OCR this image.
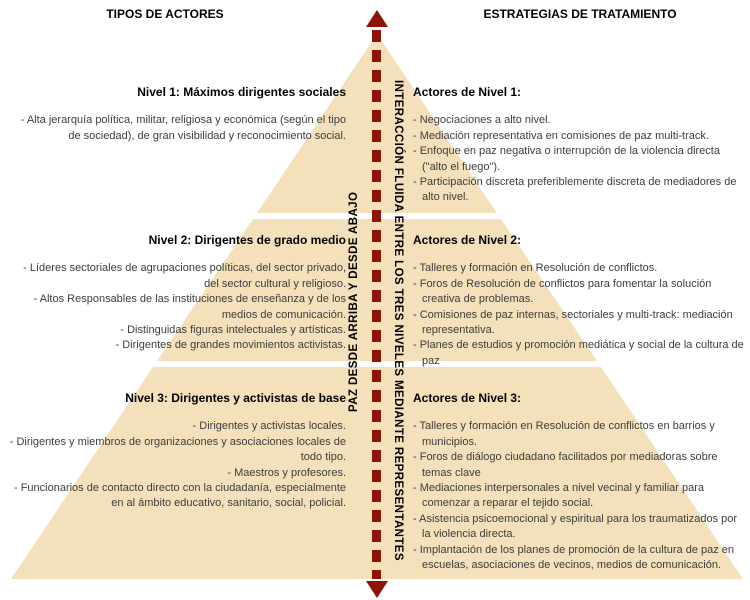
TIPOS DE ACTORES	ESTRATEGIAS DE TRATAMIENTO
INTERACCIÓN FLUIDA ENTRE LOS TRES NIVELES MEDIANTE REPRESENTANTES
PAZ DESDE ARRIBA Y DESDE ABAJO
Nivel 1: Máximos dirigentes sociales
- Alta jerarquía política, militar, religiosa y económica (según el tipo de sociedad), de gran visibilidad y reconocimiento social.
Actores de Nivel 1:
- Negociaciones a alto nivel.
- Mediación representativa en comisiones de paz multi-track.
- Enfoque en paz negativa o interrupción de la violencia directa ("alto el fuego").
- Participación discreta preferiblemente discreta de mediadores de alto nivel.
Nivel 2: Dirigentes de grado medio
- Líderes sectoriales de agrupaciones políticas, del sector privado, del sector cultural y religioso.
- Altos Responsables de las instituciones de enseñanza y de los medios de comunicación.
- Distinguidas figuras intelectuales y artísticas.
- Dirigentes de grandes movimientos activistas.
Actores de Nivel 2:
- Talleres y formación en Resolución de conflictos.
- Foros de Resolución de conflictos para fomentar la solución creativa de problemas.
- Comisiones de paz internas, sectoriales y multi-track: mediación representativa.
- Planes de estudios y promoción mediática y social de la cultura de paz
Nivel 3: Dirigentes y activistas de base
- Dirigentes y activistas locales.
- Dirigentes y miembros de organizaciones y asociaciones locales de todo tipo.
- Maestros y profesores.
- Funcionarios de contacto directo con la ciudadanía, especialmente en al ámbito educativo, sanitario, social, policial.
Actores de Nivel 3:
- Talleres y formación en Resolución de conflictos en barrios y municipios.
- Foros de diálogo ciudadano facilitados por mediadoras sobre temas clave
- Mediaciones interpersonales a nivel vecinal y familiar para comenzar a reparar el tejido social.
- Asistencia psicoemocional y espiritual para los traumatizados por la violencia directa.
- Implantación de los planes de promoción de la cultura de paz en escuelas, asociaciones de vecinos, medios de comunicación.
